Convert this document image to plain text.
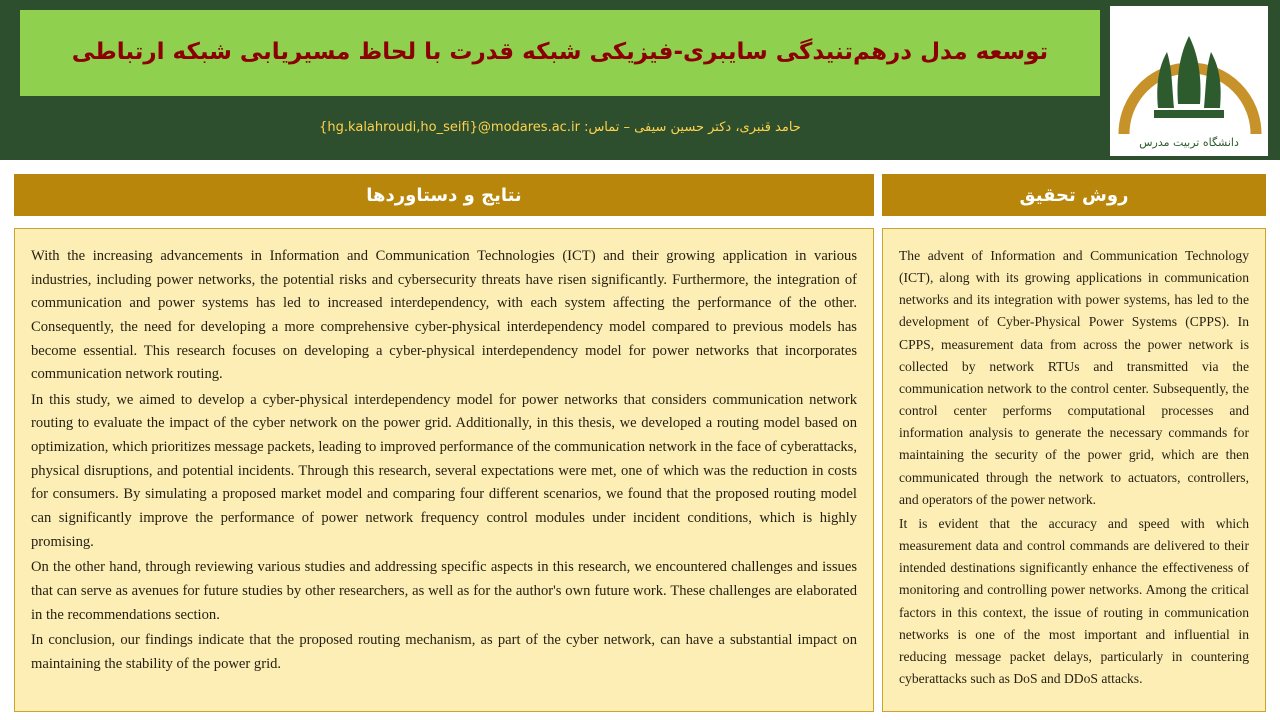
توسعه مدل درهم‌تنیدگی سایبری-فیزیکی شبکه قدرت با لحاظ مسیریابی شبکه ارتباطی
حامد قنبری، دکتر حسین سیفی – تماس: {hg.kalahroudi,ho_seifi}@modares.ac.ir
دانشگاه تربیت مدرس
نتایج و دستاوردها	روش تحقیق

With the increasing advancements in Information and Communication Technologies (ICT) and their growing application in various industries, including power networks, the potential risks and cybersecurity threats have risen significantly. Furthermore, the integration of communication and power systems has led to increased interdependency, with each system affecting the performance of the other. Consequently, the need for developing a more comprehensive cyber-physical interdependency model compared to previous models has become essential. This research focuses on developing a cyber-physical interdependency model for power networks that incorporates communication network routing.

In this study, we aimed to develop a cyber-physical interdependency model for power networks that considers communication network routing to evaluate the impact of the cyber network on the power grid. Additionally, in this thesis, we developed a routing model based on optimization, which prioritizes message packets, leading to improved performance of the communication network in the face of cyberattacks, physical disruptions, and potential incidents. Through this research, several expectations were met, one of which was the reduction in costs for consumers. By simulating a proposed market model and comparing four different scenarios, we found that the proposed routing model can significantly improve the performance of power network frequency control modules under incident conditions, which is highly promising.

On the other hand, through reviewing various studies and addressing specific aspects in this research, we encountered challenges and issues that can serve as avenues for future studies by other researchers, as well as for the author's own future work. These challenges are elaborated in the recommendations section.

In conclusion, our findings indicate that the proposed routing mechanism, as part of the cyber network, can have a substantial impact on maintaining the stability of the power grid.

The advent of Information and Communication Technology (ICT), along with its growing applications in communication networks and its integration with power systems, has led to the development of Cyber-Physical Power Systems (CPPS). In CPPS, measurement data from across the power network is collected by network RTUs and transmitted via the communication network to the control center. Subsequently, the control center performs computational processes and information analysis to generate the necessary commands for maintaining the security of the power grid, which are then communicated through the network to actuators, controllers, and operators of the power network.

It is evident that the accuracy and speed with which measurement data and control commands are delivered to their intended destinations significantly enhance the effectiveness of monitoring and controlling power networks. Among the critical factors in this context, the issue of routing in communication networks is one of the most important and influential in reducing message packet delays, particularly in countering cyberattacks such as DoS and DDoS attacks.
